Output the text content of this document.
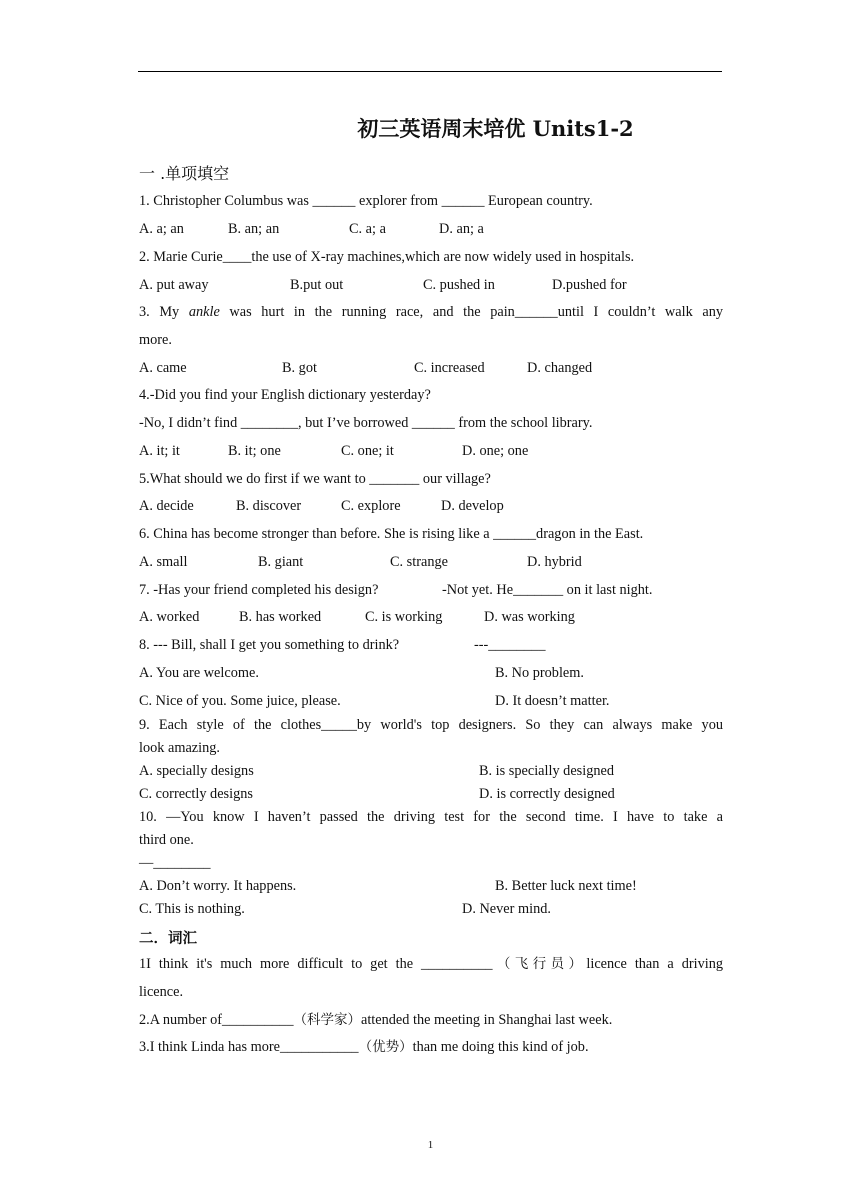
初三英语周末培优 Units1-2
一 .单项填空
1. Christopher Columbus was ______ explorer from ______ European country.
A. a; an	B. an; an	C. a; a	D. an; a
2. Marie Curie____the use of X-ray machines,which are now widely used in hospitals.
A. put away	B.put out	C. pushed in	D.pushed for
3. My ankle was hurt in the running race, and the pain______until I couldn’t walk any
more.
A. came	B. got	C. increased	D. changed
4.-Did you find your English dictionary yesterday?
-No, I didn’t find ________, but I’ve borrowed ______ from the school library.
A. it; it	B. it; one	C. one; it	D. one; one
5.What should we do first if we want to _______ our village?
A. decide	B. discover	C. explore	D. develop
6. China has become stronger than before. She is rising like a ______dragon in the East.
A. small	B. giant	C. strange	D. hybrid
7. -Has your friend completed his design?	-Not yet. He_______ on it last night.
A. worked	B. has worked	C. is working	D. was working
8. --- Bill, shall I get you something to drink?	---________
A. You are welcome.	B. No problem.
C. Nice of you. Some juice, please.	D. It doesn’t matter.
9. Each style of the clothes_____by world's top designers. So they can always make you
look amazing.
A. specially designs	B. is specially designed
C. correctly designs	D. is correctly designed
10. —You know I haven’t passed the driving test for the second time. I have to take a
third one.
—________
A. Don’t worry. It happens.	B. Better luck next time!
C. This is nothing.	D. Never mind.
二．词汇
1I think it's much more difficult to get the __________（飞行员）licence than a driving
licence.
2.A number of__________（科学家）attended the meeting in Shanghai last week.
3.I think Linda has more___________（优势）than me doing this kind of job.
1
